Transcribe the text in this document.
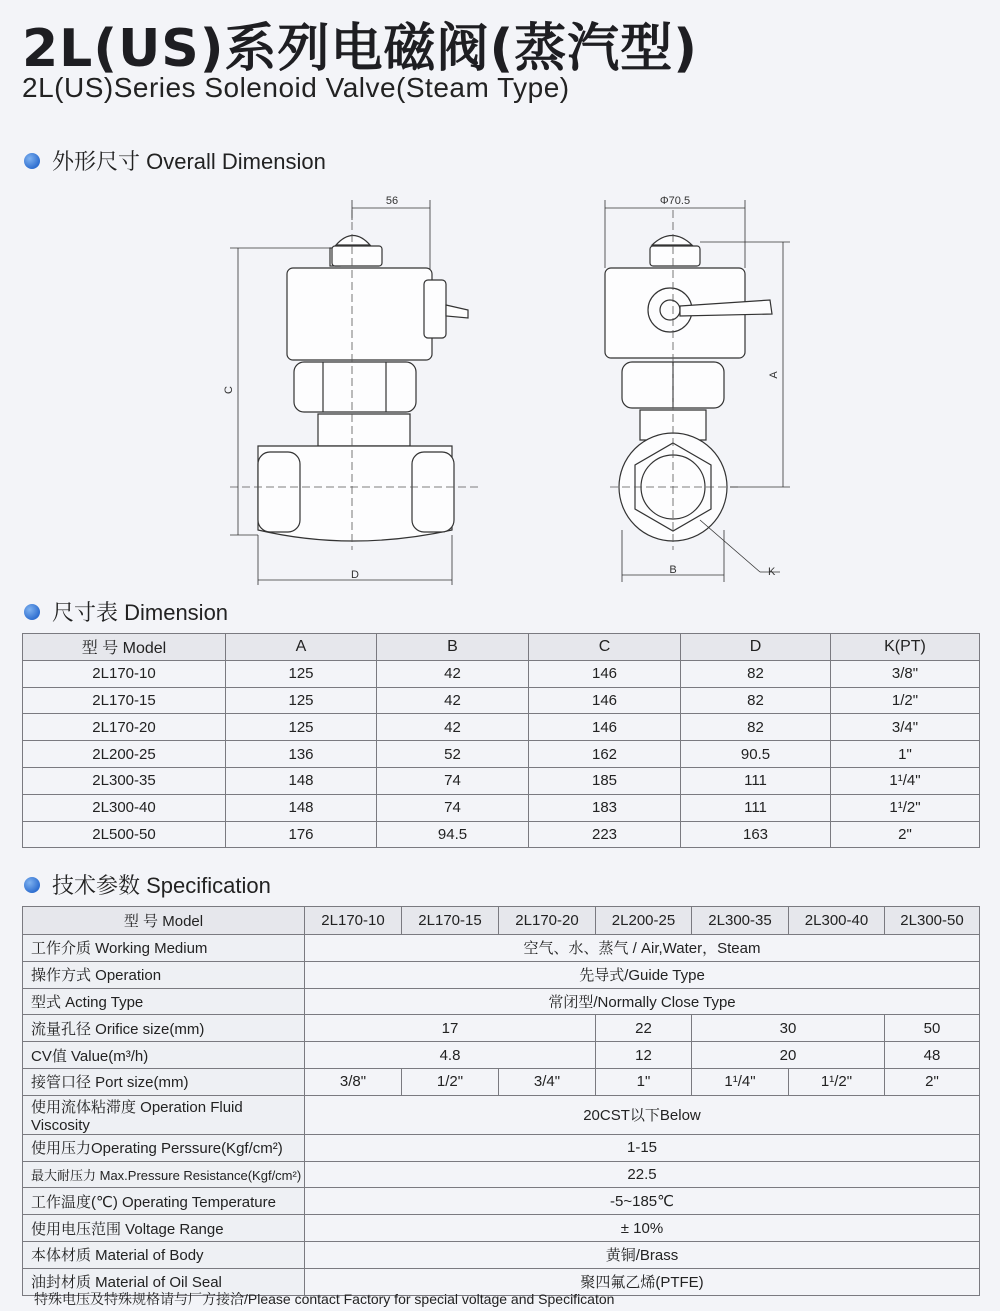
2L(US)系列电磁阀(蒸汽型)
2L(US)Series Solenoid Valve(Steam Type)
外形尺寸 Overall Dimension
56	Φ70.5
C
D
A
B	K
尺寸表 Dimension
型 号 Model	A	B	C	D	K(PT)
2L170-10	125	42	146	82	3/8"
2L170-15	125	42	146	82	1/2"
2L170-20	125	42	146	82	3/4"
2L200-25	136	52	162	90.5	1"
2L300-35	148	74	185	111	1¹/4"
2L300-40	148	74	183	111	1¹/2"
2L500-50	176	94.5	223	163	2"
技术参数 Specification
型 号 Model	2L170-10	2L170-15	2L170-20	2L200-25	2L300-35	2L300-40	2L300-50
工作介质 Working Medium	空气、水、蒸气 / Air,Water，Steam						
操作方式 Operation	先导式/Guide Type						
型式 Acting Type	常闭型/Normally Close Type						
流量孔径 Orifice size(mm)	17			22	30		50
CV值 Value(m³/h)	4.8			12	20		48
接管口径 Port size(mm)	3/8"	1/2"	3/4"	1"	1¹/4"	1¹/2"	2"
使用流体粘滞度 Operation Fluid Viscosity	20CST以下Below						
使用压力Operating Perssure(Kgf/cm²)	1-15						
最大耐压力 Max.Pressure Resistance(Kgf/cm²)	22.5						
工作温度(℃) Operating Temperature	-5~185℃						
使用电压范围 Voltage Range	± 10%						
本体材质 Material of Body	黄铜/Brass						
油封材质 Material of Oil Seal	聚四氟乙烯(PTFE)						
特殊电压及特殊规格请与厂方接洽/Please contact Factory for special voltage and Specificaton
